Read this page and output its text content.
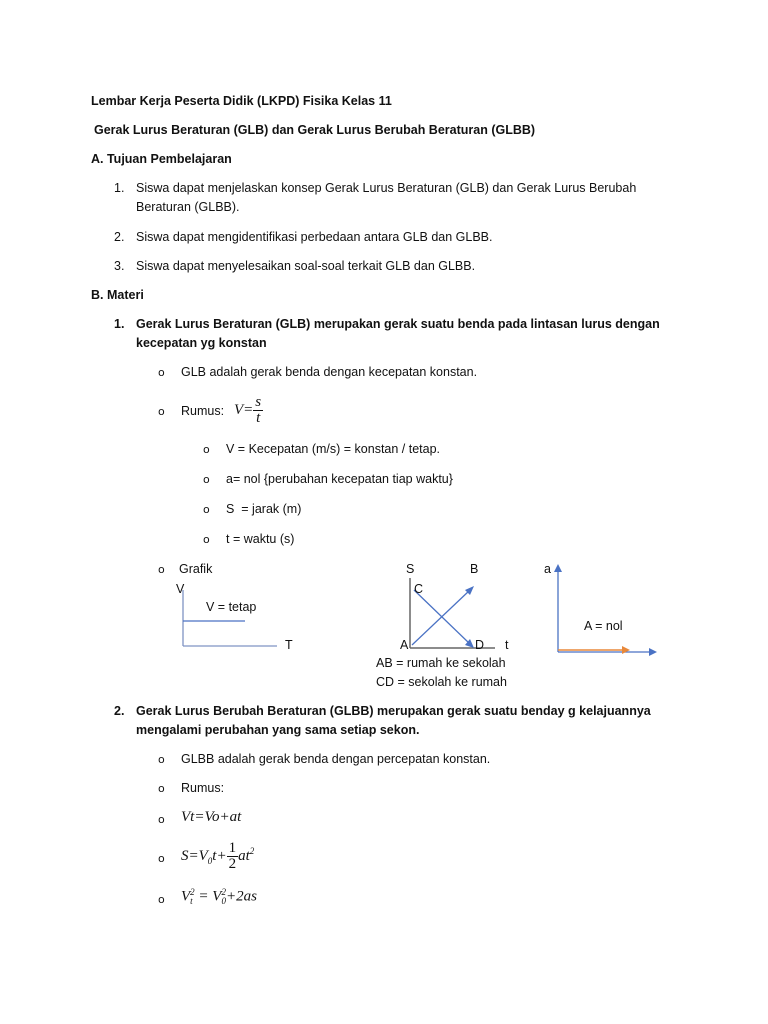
Lembar Kerja Peserta Didik (LKPD) Fisika Kelas 11
Gerak Lurus Beraturan (GLB) dan Gerak Lurus Berubah Beraturan (GLBB)
A. Tujuan Pembelajaran
1. Siswa dapat menjelaskan konsep Gerak Lurus Beraturan (GLB) dan Gerak Lurus Berubah
Beraturan (GLBB).
2. Siswa dapat mengidentifikasi perbedaan antara GLB dan GLBB.
3. Siswa dapat menyelesaikan soal-soal terkait GLB dan GLBB.
B. Materi
1. Gerak Lurus Beraturan (GLB) merupakan gerak suatu benda pada lintasan lurus dengan
kecepatan yg konstan
o GLB adalah gerak benda dengan kecepatan konstan.
o Rumus: $V= \frac{s}{t}$
o V = Kecepatan (m/s) = konstan / tetap.
o a= nol {perubahan kecepatan tiap waktu}
o S  = jarak (m)
o t = waktu (s)
o Grafik
V
V = tetap
T
S	B
C
A	D t
AB = rumah ke sekolah
CD = sekolah ke rumah
a
A = nol
2. Gerak Lurus Berubah Beraturan (GLBB) merupakan gerak suatu benday g kelajuannya
mengalami perubahan yang sama setiap sekon.
o GLBB adalah gerak benda dengan percepatan konstan.
o Rumus:
o Vt=Vo+at
o $S=V_0t+ \frac{1}{2} at^2$
o V 2
t = V 2
0 +2as
